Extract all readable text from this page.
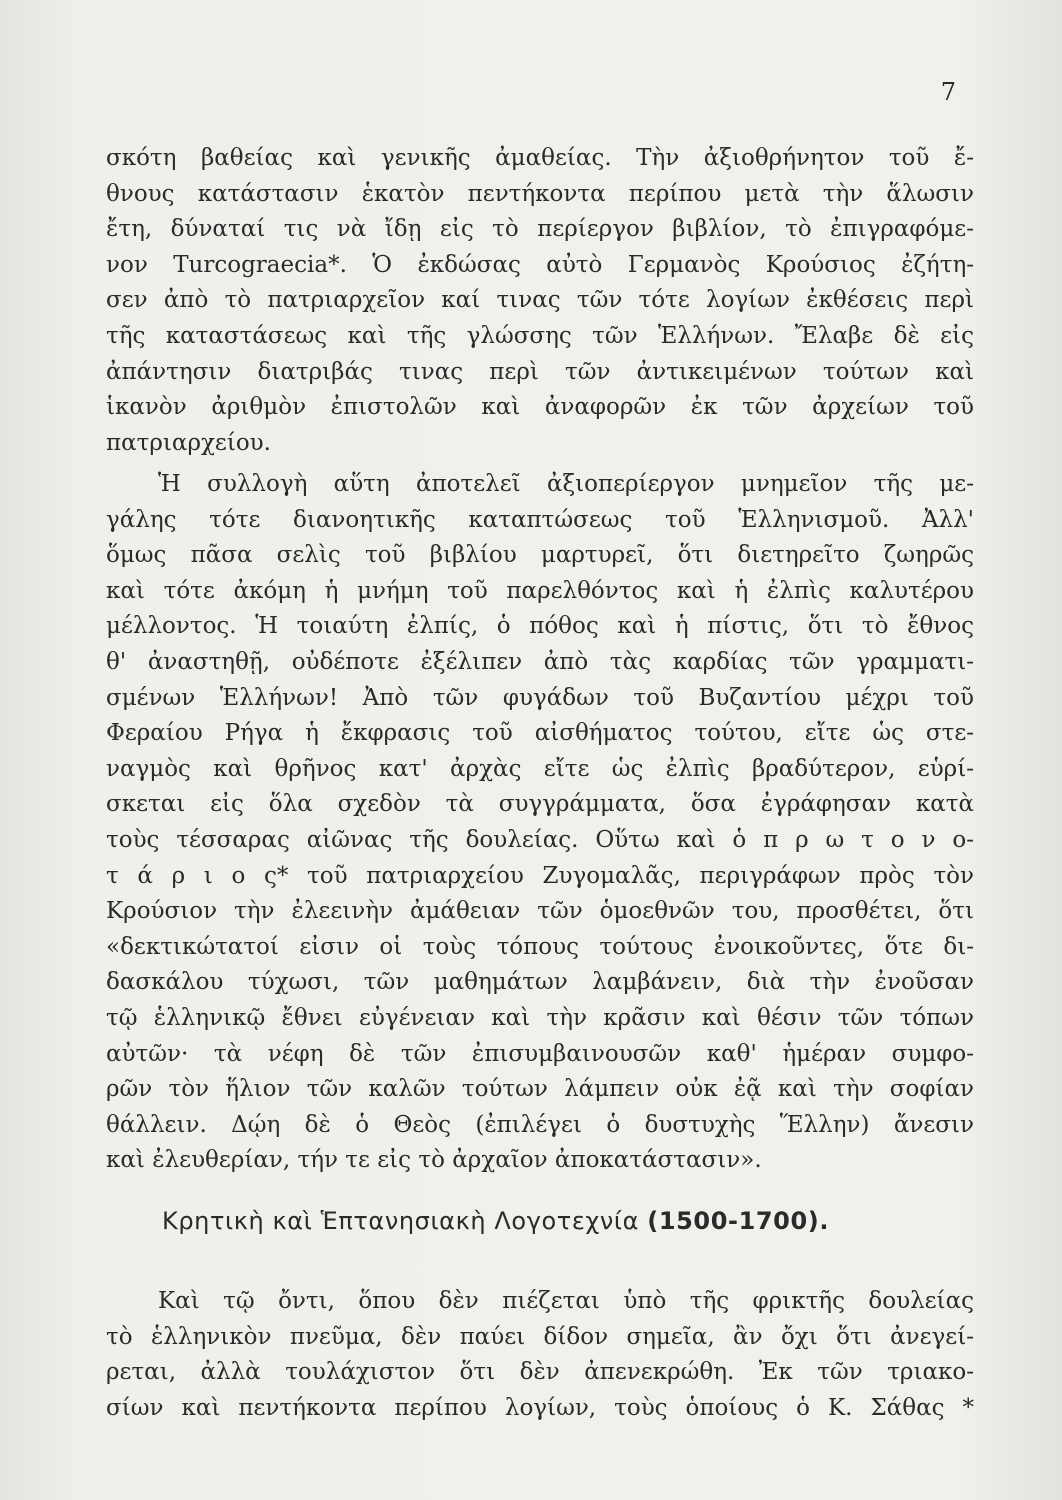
7
σκότη βαθείας καὶ γενικῆς ἀμαθείας. Τὴν ἀξιοθρήνητον τοῦ ἔ-
θνους κατάστασιν ἑκατὸν πεντήκοντα περίπου μετὰ τὴν ἅλωσιν
ἔτη, δύναταί τις νὰ ἴδῃ εἰς τὸ περίεργον βιβλίον, τὸ ἐπιγραφόμε-
νον Turcograecia*. Ὁ ἐκδώσας αὐτὸ Γερμανὸς Κρούσιος ἐζήτη-
σεν ἀπὸ τὸ πατριαρχεῖον καί τινας τῶν τότε λογίων ἐκθέσεις περὶ
τῆς καταστάσεως καὶ τῆς γλώσσης τῶν Ἑλλήνων. Ἔλαβε δὲ εἰς
ἀπάντησιν διατριβάς τινας περὶ τῶν ἀντικειμένων τούτων καὶ
ἱκανὸν ἀριθμὸν ἐπιστολῶν καὶ ἀναφορῶν ἐκ τῶν ἀρχείων τοῦ
πατριαρχείου.
Ἡ συλλογὴ αὕτη ἀποτελεῖ ἀξιοπερίεργον μνημεῖον τῆς με-
γάλης τότε διανοητικῆς καταπτώσεως τοῦ Ἑλληνισμοῦ. Ἀλλ'
ὅμως πᾶσα σελὶς τοῦ βιβλίου μαρτυρεῖ, ὅτι διετηρεῖτο ζωηρῶς
καὶ τότε ἀκόμη ἡ μνήμη τοῦ παρελθόντος καὶ ἡ ἐλπὶς καλυτέρου
μέλλοντος. Ἡ τοιαύτη ἐλπίς, ὁ πόθος καὶ ἡ πίστις, ὅτι τὸ ἔθνος
θ' ἀναστηθῇ, οὐδέποτε ἐξέλιπεν ἀπὸ τὰς καρδίας τῶν γραμματι-
σμένων Ἑλλήνων! Ἀπὸ τῶν φυγάδων τοῦ Βυζαντίου μέχρι τοῦ
Φεραίου Ρήγα ἡ ἔκφρασις τοῦ αἰσθήματος τούτου, εἴτε ὡς στε-
ναγμὸς καὶ θρῆνος κατ' ἀρχὰς εἴτε ὡς ἐλπὶς βραδύτερον, εὑρί-
σκεται εἰς ὅλα σχεδὸν τὰ συγγράμματα, ὅσα ἐγράφησαν κατὰ
τοὺς τέσσαρας αἰῶνας τῆς δουλείας. Οὕτω καὶ ὁ π ρ ω τ ο ν ο-
τ ά ρ ι ο ς* τοῦ πατριαρχείου Ζυγομαλᾶς, περιγράφων πρὸς τὸν
Κρούσιον τὴν ἐλεεινὴν ἀμάθειαν τῶν ὁμοεθνῶν του, προσθέτει, ὅτι
«δεκτικώτατοί εἰσιν οἱ τοὺς τόπους τούτους ἐνοικοῦντες, ὅτε δι-
δασκάλου τύχωσι, τῶν μαθημάτων λαμβάνειν, διὰ τὴν ἐνοῦσαν
τῷ ἑλληνικῷ ἔθνει εὐγένειαν καὶ τὴν κρᾶσιν καὶ θέσιν τῶν τόπων
αὐτῶν· τὰ νέφη δὲ τῶν ἐπισυμβαινουσῶν καθ' ἡμέραν συμφο-
ρῶν τὸν ἥλιον τῶν καλῶν τούτων λάμπειν οὐκ ἐᾷ καὶ τὴν σοφίαν
θάλλειν. Δῴη δὲ ὁ Θεὸς (ἐπιλέγει ὁ δυστυχὴς Ἕλλην) ἄνεσιν
καὶ ἐλευθερίαν, τήν τε εἰς τὸ ἀρχαῖον ἀποκατάστασιν».
Κρητικὴ καὶ Ἑπτανησιακὴ Λογοτεχνία (1500-1700).
Καὶ τῷ ὄντι, ὅπου δὲν πιέζεται ὑπὸ τῆς φρικτῆς δουλείας
τὸ ἑλληνικὸν πνεῦμα, δὲν παύει δίδον σημεῖα, ἂν ὄχι ὅτι ἀνεγεί-
ρεται, ἀλλὰ τουλάχιστον ὅτι δὲν ἀπενεκρώθη. Ἐκ τῶν τριακο-
σίων καὶ πεντήκοντα περίπου λογίων, τοὺς ὁποίους ὁ Κ. Σάθας *
